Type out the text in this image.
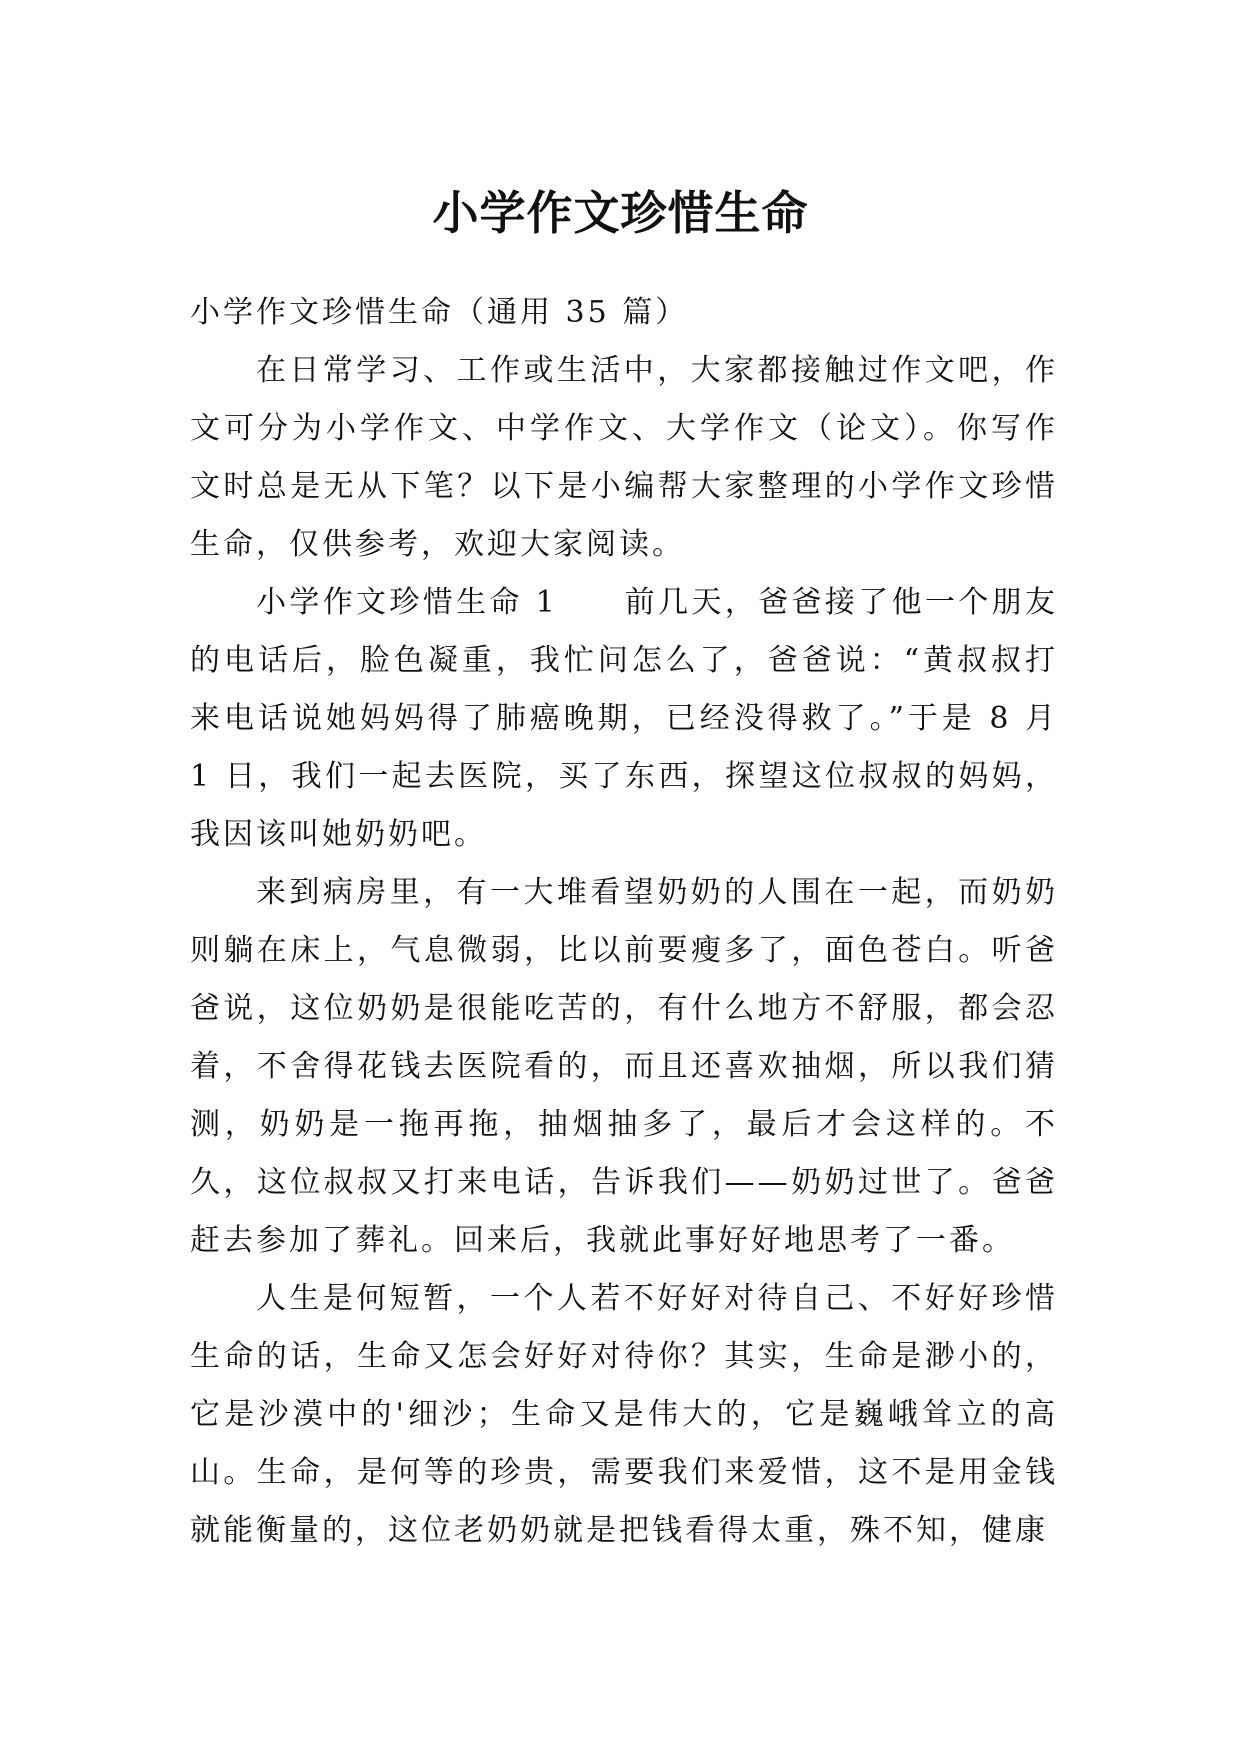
小学作文珍惜生命

小学作文珍惜生命（通用 35 篇）

在日常学习、工作或生活中，大家都接触过作文吧，作文可分为小学作文、中学作文、大学作文（论文）。你写作文时总是无从下笔？以下是小编帮大家整理的小学作文珍惜生命，仅供参考，欢迎大家阅读。

小学作文珍惜生命 1　　前几天，爸爸接了他一个朋友的电话后，脸色凝重，我忙问怎么了，爸爸说：“黄叔叔打来电话说她妈妈得了肺癌晚期，已经没得救了。”于是 8 月 1 日，我们一起去医院，买了东西，探望这位叔叔的妈妈，我因该叫她奶奶吧。

来到病房里，有一大堆看望奶奶的人围在一起，而奶奶则躺在床上，气息微弱，比以前要瘦多了，面色苍白。听爸爸说，这位奶奶是很能吃苦的，有什么地方不舒服，都会忍着，不舍得花钱去医院看的，而且还喜欢抽烟，所以我们猜测，奶奶是一拖再拖，抽烟抽多了，最后才会这样的。不久，这位叔叔又打来电话，告诉我们——奶奶过世了。爸爸赶去参加了葬礼。回来后，我就此事好好地思考了一番。

人生是何短暂，一个人若不好好对待自己、不好好珍惜生命的话，生命又怎会好好对待你？其实，生命是渺小的，它是沙漠中的'细沙；生命又是伟大的，它是巍峨耸立的高山。生命，是何等的珍贵，需要我们来爱惜，这不是用金钱就能衡量的，这位老奶奶就是把钱看得太重，殊不知，健康
